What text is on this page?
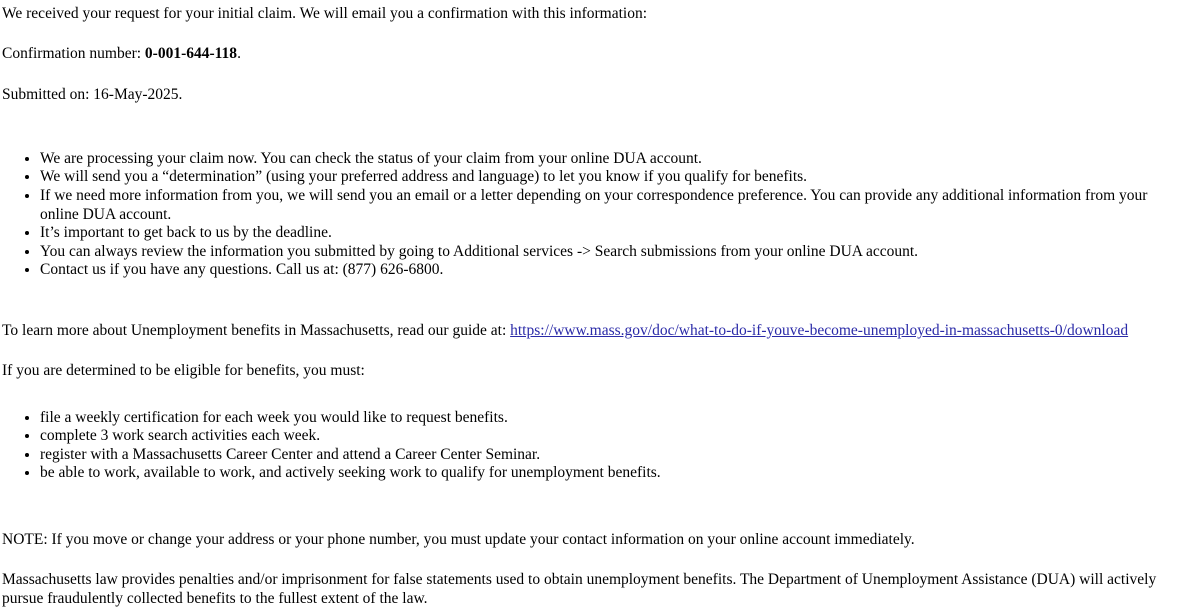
We received your request for your initial claim. We will email you a confirmation with this information:

Confirmation number: 0-001-644-118.

Submitted on: 16-May-2025.

• We are processing your claim now. You can check the status of your claim from your online DUA account.
• We will send you a “determination” (using your preferred address and language) to let you know if you qualify for benefits.
• If we need more information from you, we will send you an email or a letter depending on your correspondence preference. You can provide any additional information from your online DUA account.
• It’s important to get back to us by the deadline.
• You can always review the information you submitted by going to Additional services -> Search submissions from your online DUA account.
• Contact us if you have any questions. Call us at: (877) 626-6800.

To learn more about Unemployment benefits in Massachusetts, read our guide at: https://www.mass.gov/doc/what-to-do-if-youve-become-unemployed-in-massachusetts-0/download

If you are determined to be eligible for benefits, you must:

• file a weekly certification for each week you would like to request benefits.
• complete 3 work search activities each week.
• register with a Massachusetts Career Center and attend a Career Center Seminar.
• be able to work, available to work, and actively seeking work to qualify for unemployment benefits.

NOTE: If you move or change your address or your phone number, you must update your contact information on your online account immediately.

Massachusetts law provides penalties and/or imprisonment for false statements used to obtain unemployment benefits. The Department of Unemployment Assistance (DUA) will actively pursue fraudulently collected benefits to the fullest extent of the law.
